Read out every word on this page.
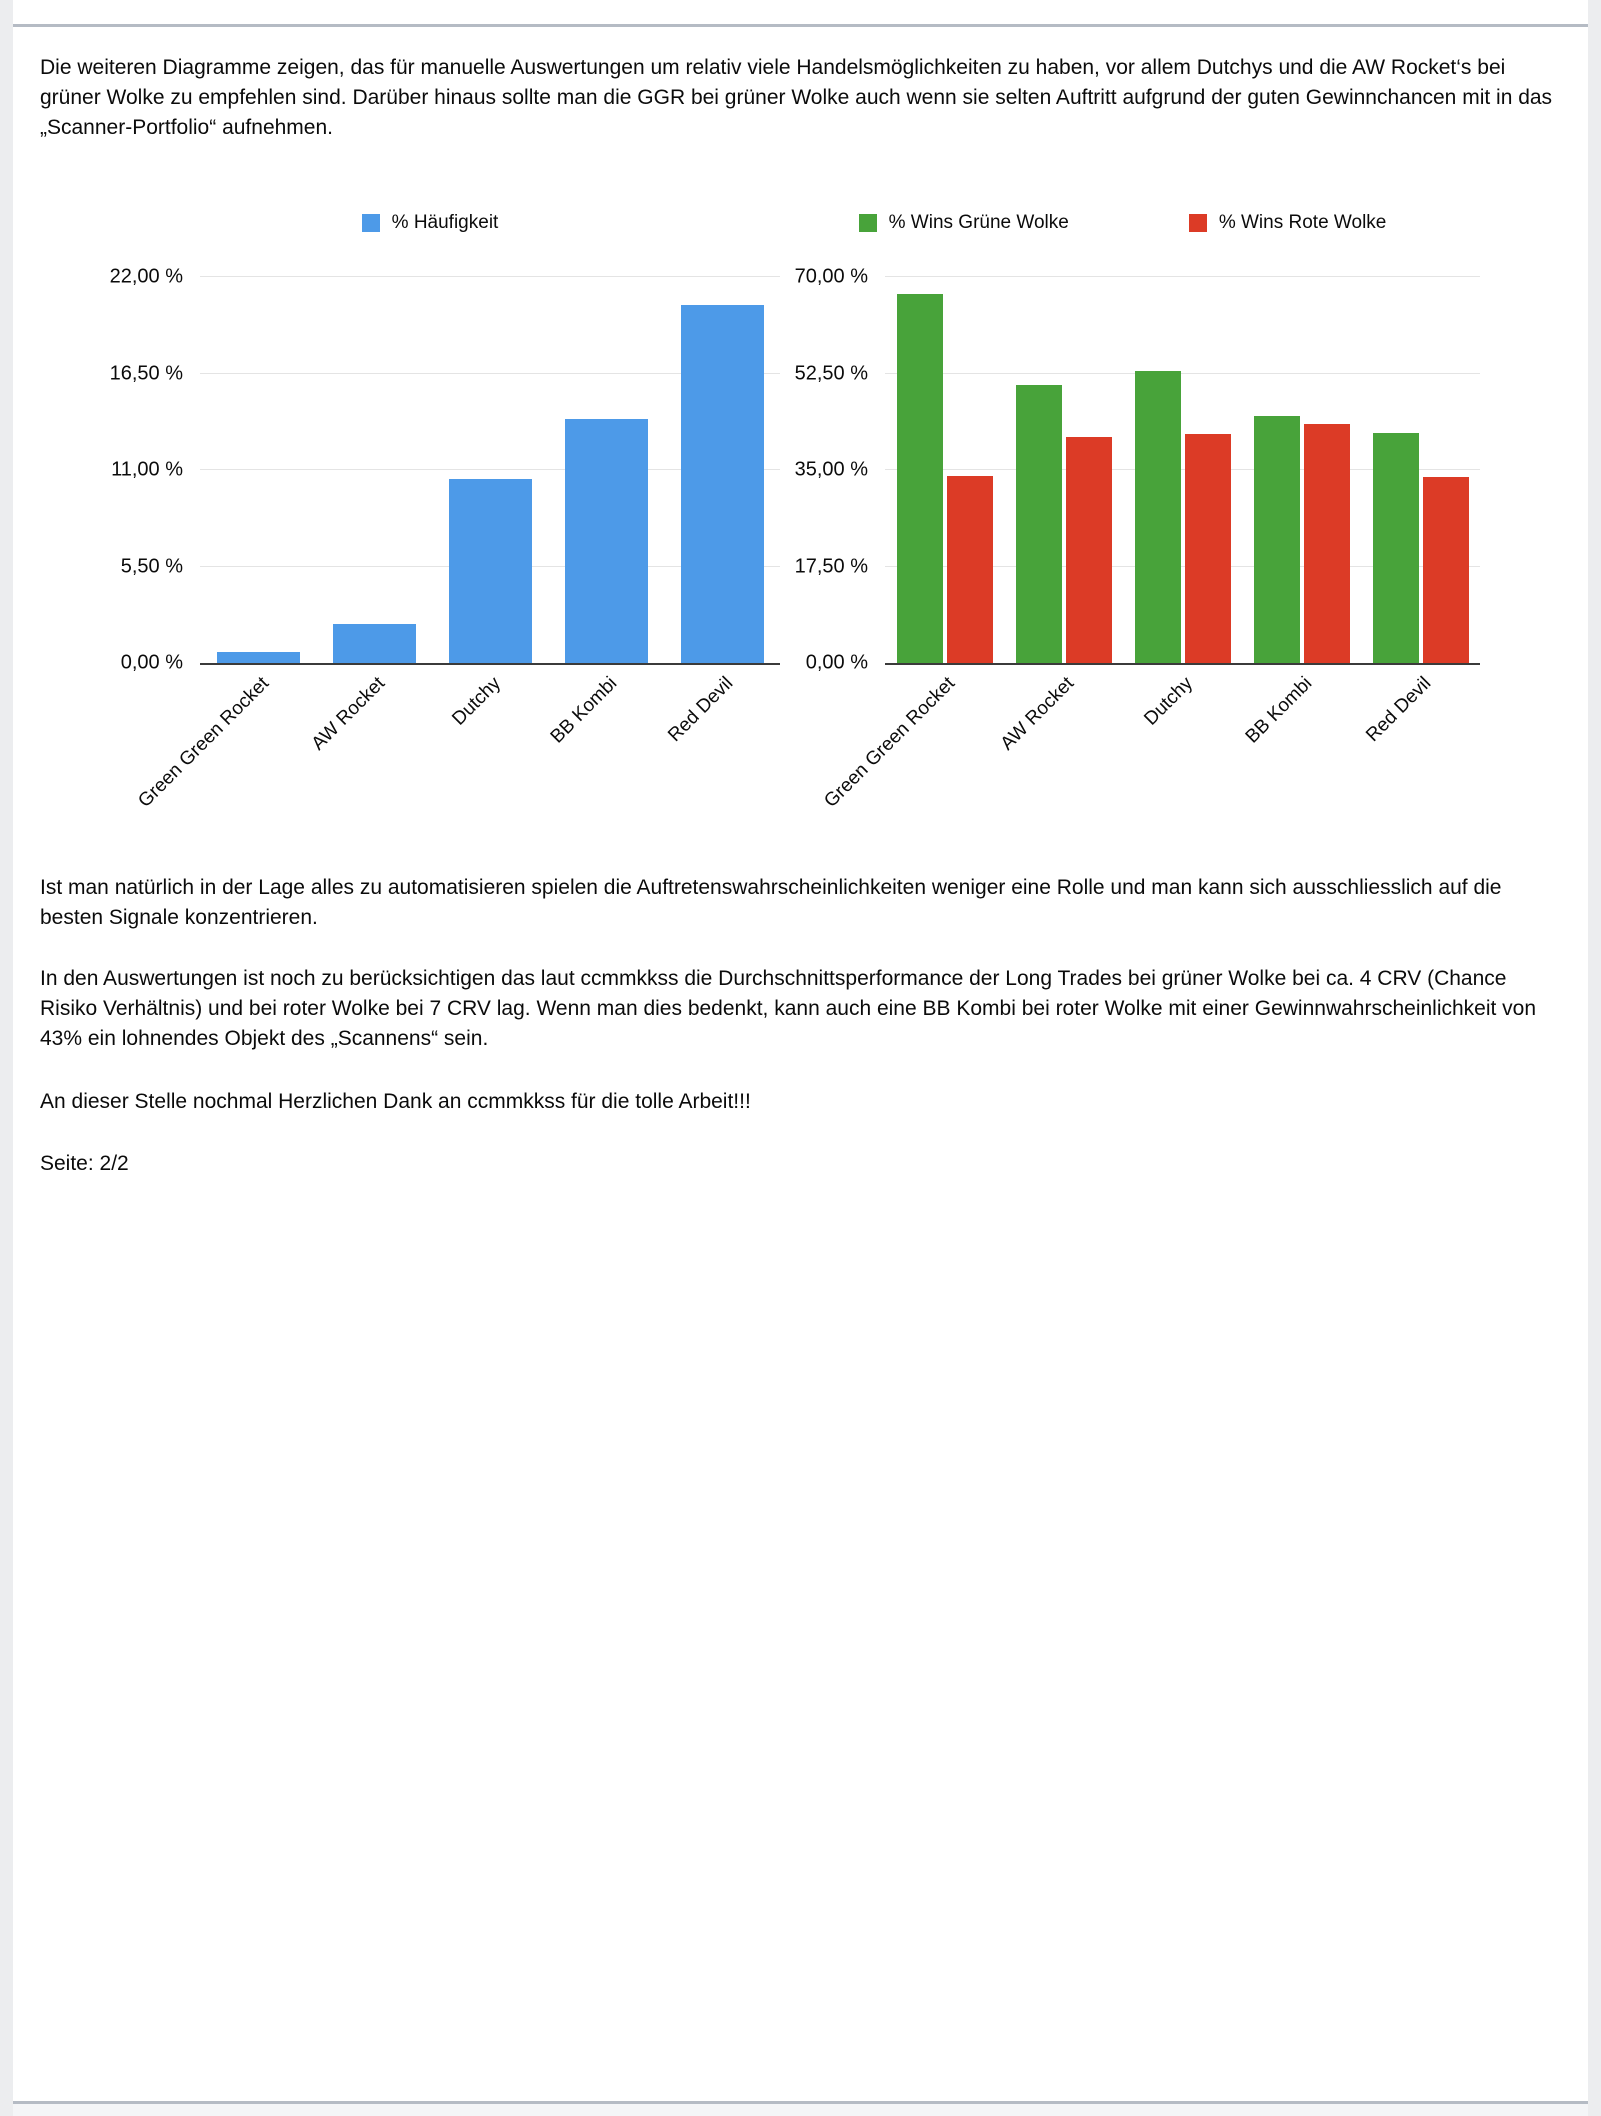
Die weiteren Diagramme zeigen, das für manuelle Auswertungen um relativ viele Handelsmöglichkeiten zu haben, vor allem Dutchys und die AW Rocket‘s bei grüner Wolke zu empfehlen sind. Darüber hinaus sollte man die GGR bei grüner Wolke auch wenn sie selten Auftritt aufgrund der guten Gewinnchancen mit in das „Scanner-Portfolio“ aufnehmen.

% Häufigkeit
0,00 %
5,50 %
11,00 %
16,50 %
22,00 %
Green Green Rocket AW Rocket	Dutchy BB Kombi Red Devil
% Wins Grüne Wolke	% Wins Rote Wolke
0,00 %
17,50 %
35,00 %
52,50 %
70,00 %
Green Green Rocket AW Rocket	Dutchy BB Kombi Red Devil

Ist man natürlich in der Lage alles zu automatisieren spielen die Auftretenswahrscheinlichkeiten weniger eine Rolle und man kann sich ausschliesslich auf die besten Signale konzentrieren.

In den Auswertungen ist noch zu berücksichtigen das laut ccmmkkss die Durchschnittsperformance der Long Trades bei grüner Wolke bei ca. 4 CRV (Chance Risiko Verhältnis) und bei roter Wolke bei 7 CRV lag. Wenn man dies bedenkt, kann auch eine BB Kombi bei roter Wolke mit einer Gewinnwahrscheinlichkeit von 43% ein lohnendes Objekt des „Scannens“ sein.

An dieser Stelle nochmal Herzlichen Dank an ccmmkkss für die tolle Arbeit!!!

Seite: 2/2
